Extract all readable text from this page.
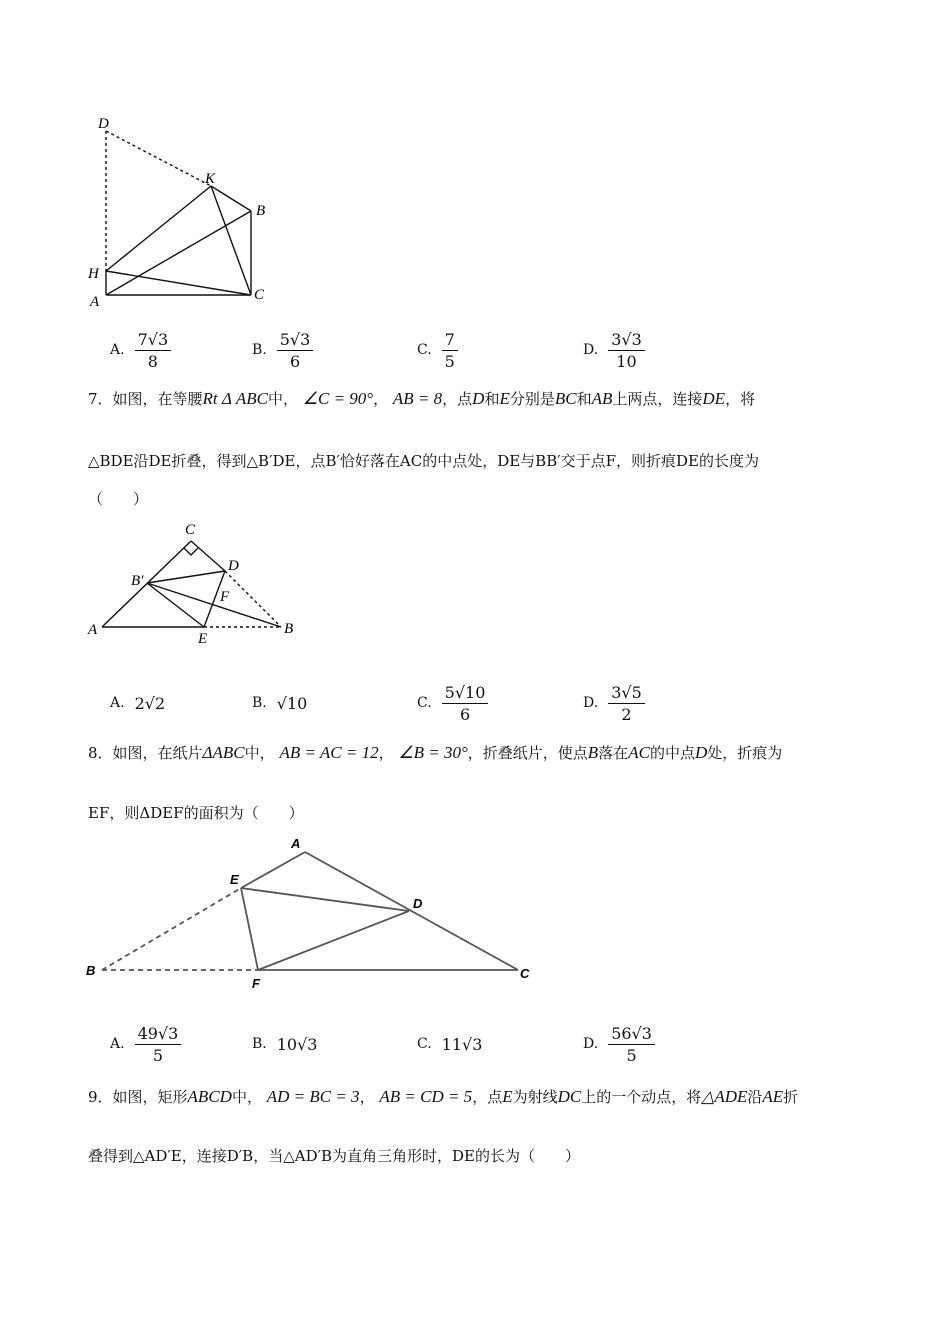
D
K
B
H
A	C
A. $\frac{7√3}{8}$	B. $\frac{5√3}{6}$	C. $\frac{7}{5}$	D. $\frac{3√3}{10}$
7．如图，在等腰Rt Δ ABC中， ∠C = 90°， AB = 8，点D和E分别是BC和AB上两点，连接DE，将
△BDE沿DE折叠，得到△B′DE，点B′恰好落在AC的中点处，DE与BB′交于点F，则折痕DE的长度为
（　　）
C
D
B′
F
A
E
B
A. 2√2	B. √10	C. $\frac{5√10}{6}$	D. $\frac{3√5}{2}$
8．如图，在纸片ΔABC中， AB = AC = 12， ∠B = 30°，折叠纸片，使点B落在AC的中点D处，折痕为
EF，则ΔDEF的面积为（　　）
A
E
D
B
F
C
A. $\frac{49√3}{5}$	B. 10√3	C. 11√3	D. $\frac{56√3}{5}$
9．如图，矩形ABCD中， AD = BC = 3， AB = CD = 5，点E为射线DC上的一个动点，将△ADE沿AE折
叠得到△AD′E，连接D′B，当△AD′B为直角三角形时，DE的长为（　　）
